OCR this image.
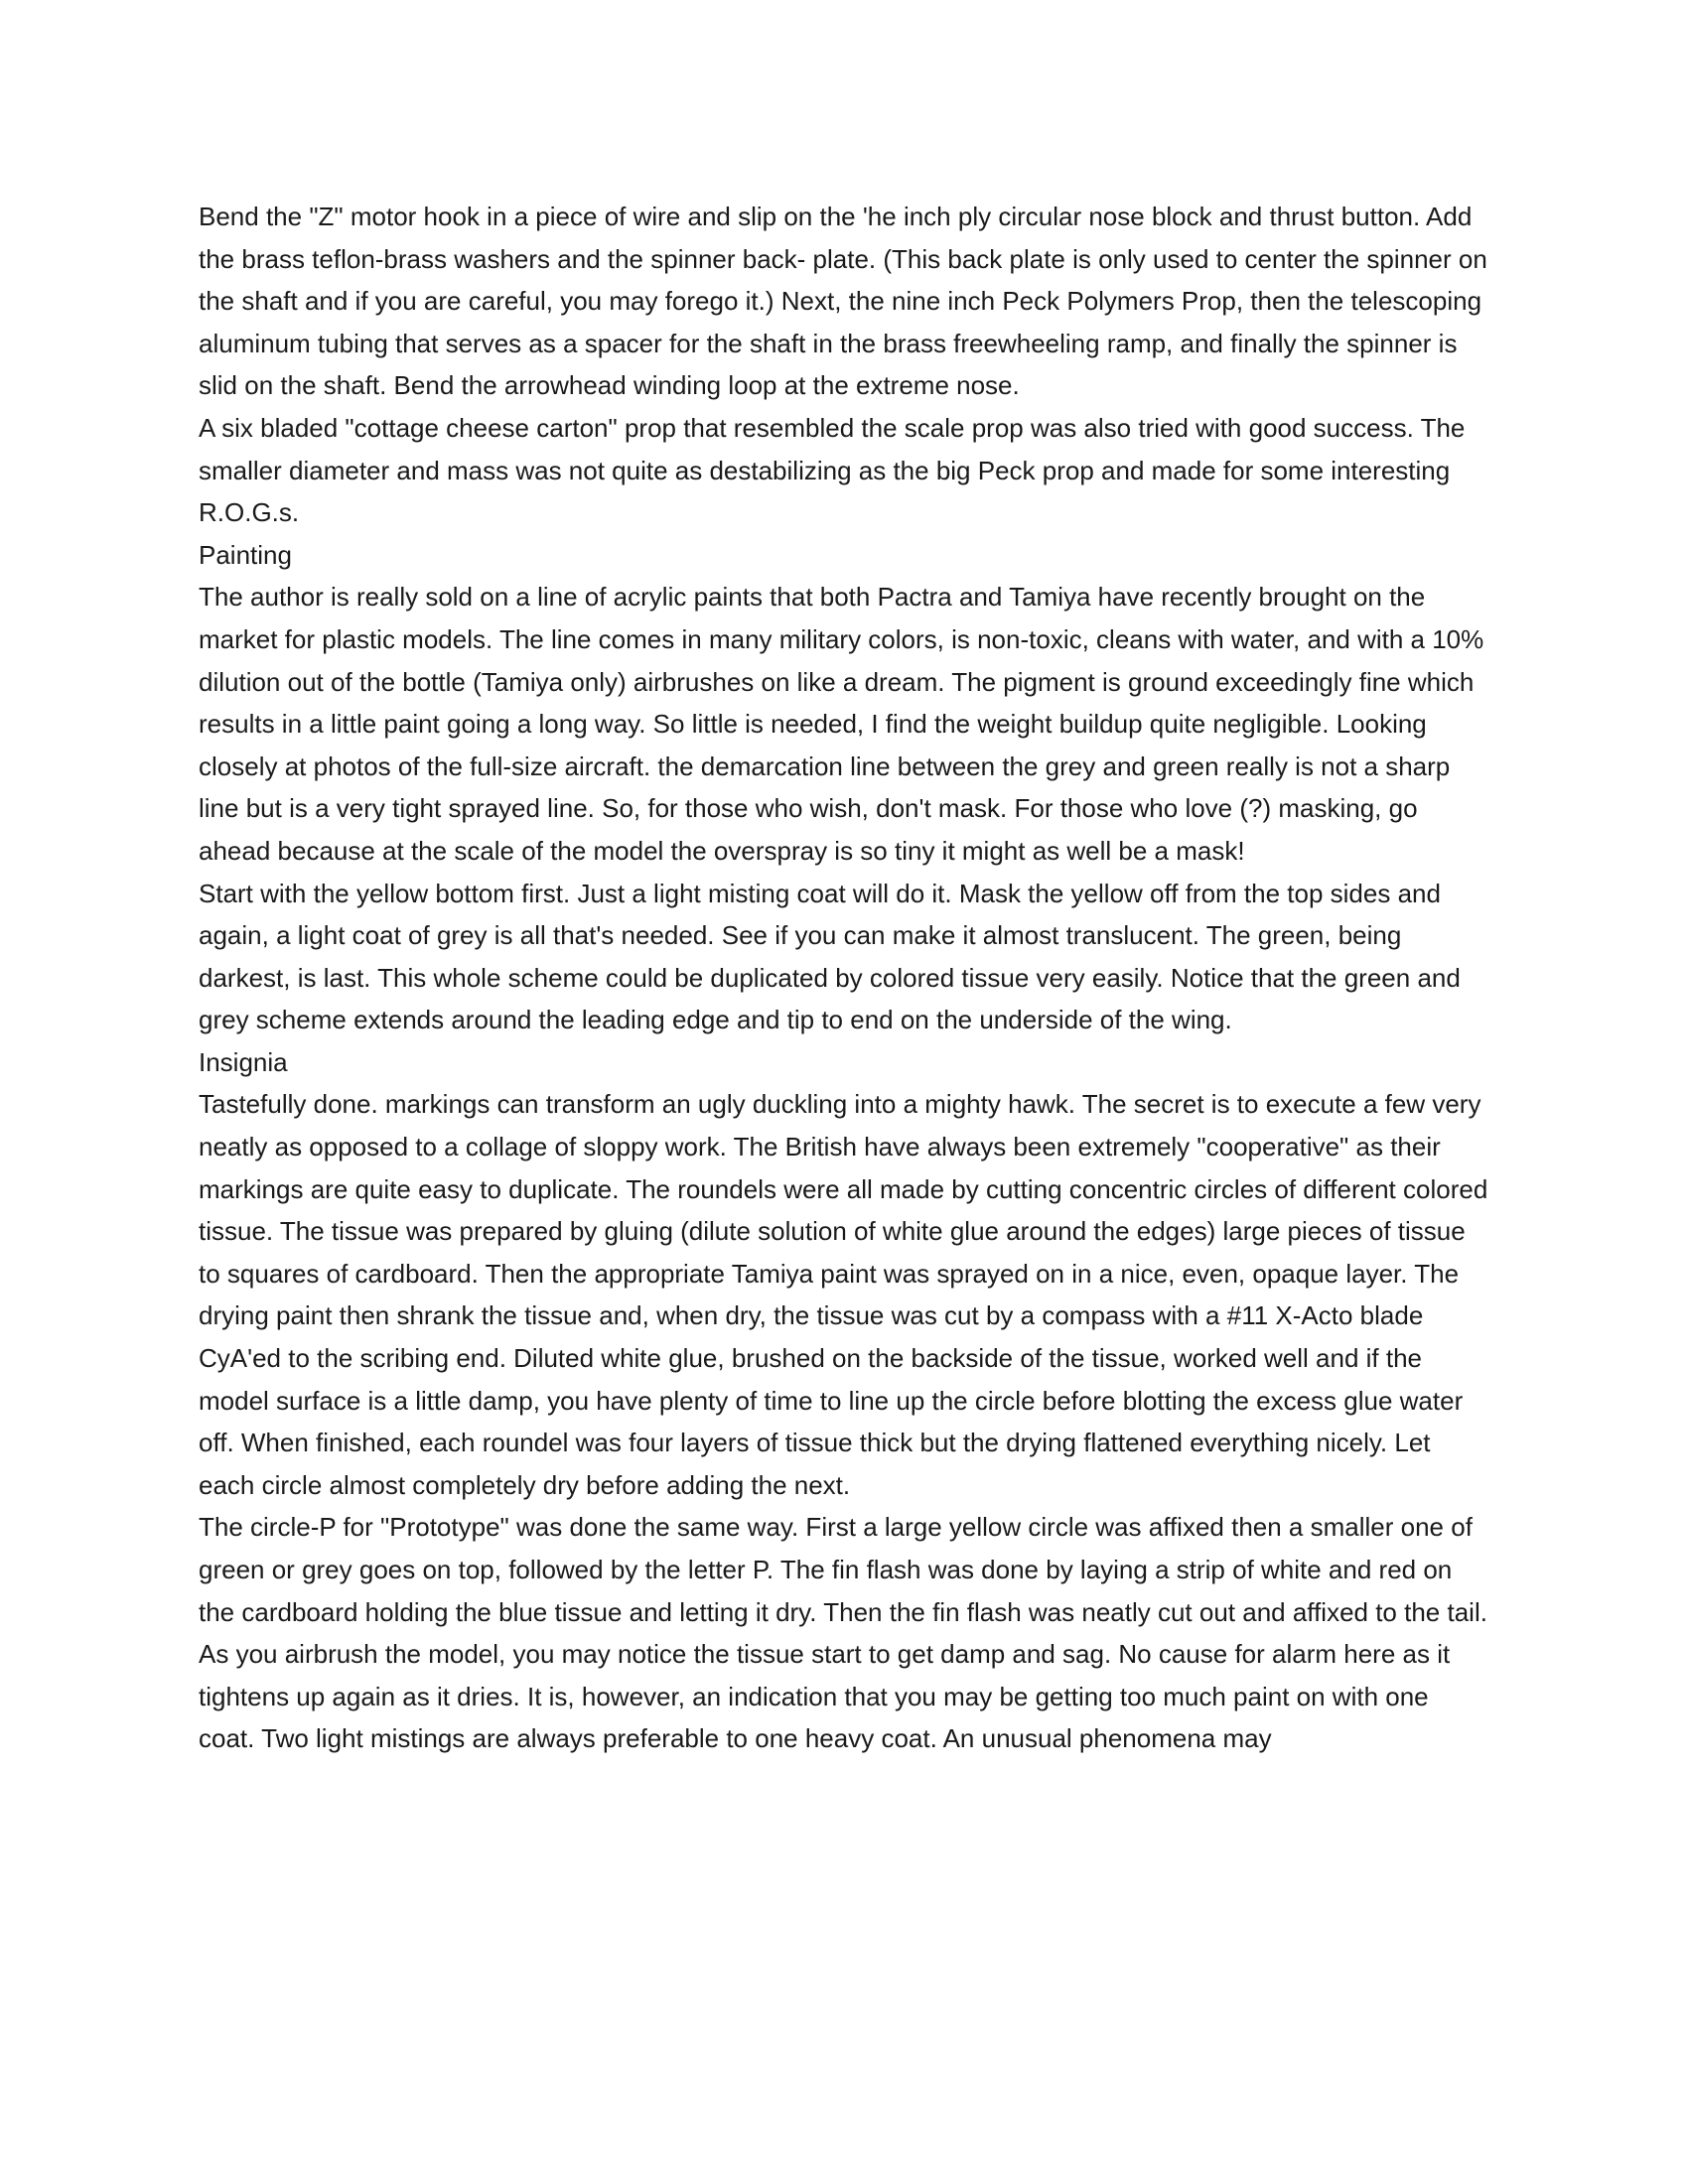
Bend the "Z" motor hook in a piece of wire and slip on the 'he inch ply circular nose block and thrust button. Add the brass teflon-brass washers and the spinner back- plate. (This back plate is only used to center the spinner on the shaft and if you are careful, you may forego it.) Next, the nine inch Peck Polymers Prop, then the telescoping aluminum tubing that serves as a spacer for the shaft in the brass freewheeling ramp, and finally the spinner is slid on the shaft. Bend the arrowhead winding loop at the extreme nose.

A six bladed "cottage cheese carton" prop that resembled the scale prop was also tried with good success. The smaller diameter and mass was not quite as destabilizing as the big Peck prop and made for some interesting R.O.G.s.

Painting

The author is really sold on a line of acrylic paints that both Pactra and Tamiya have recently brought on the market for plastic models. The line comes in many military colors, is non-toxic, cleans with water, and with a 10% dilution out of the bottle (Tamiya only) airbrushes on like a dream. The pigment is ground exceedingly fine which results in a little paint going a long way. So little is needed, I find the weight buildup quite negligible. Looking closely at photos of the full-size aircraft. the demarcation line between the grey and green really is not a sharp line but is a very tight sprayed line. So, for those who wish, don't mask. For those who love (?) masking, go ahead because at the scale of the model the overspray is so tiny it might as well be a mask!

Start with the yellow bottom first. Just a light misting coat will do it. Mask the yellow off from the top sides and again, a light coat of grey is all that's needed. See if you can make it almost translucent. The green, being darkest, is last. This whole scheme could be duplicated by colored tissue very easily. Notice that the green and grey scheme extends around the leading edge and tip to end on the underside of the wing.

Insignia

Tastefully done. markings can transform an ugly duckling into a mighty hawk. The secret is to execute a few very neatly as opposed to a collage of sloppy work. The British have always been extremely "cooperative" as their markings are quite easy to duplicate. The roundels were all made by cutting concentric circles of different colored tissue. The tissue was prepared by gluing (dilute solution of white glue around the edges) large pieces of tissue to squares of cardboard. Then the appropriate Tamiya paint was sprayed on in a nice, even, opaque layer. The drying paint then shrank the tissue and, when dry, the tissue was cut by a compass with a #11 X-Acto blade CyA'ed to the scribing end. Diluted white glue, brushed on the backside of the tissue, worked well and if the model surface is a little damp, you have plenty of time to line up the circle before blotting the excess glue water off. When finished, each roundel was four layers of tissue thick but the drying flattened everything nicely. Let each circle almost completely dry before adding the next.

The circle-P for "Prototype" was done the same way. First a large yellow circle was affixed then a smaller one of green or grey goes on top, followed by the letter P. The fin flash was done by laying a strip of white and red on the cardboard holding the blue tissue and letting it dry. Then the fin flash was neatly cut out and affixed to the tail.

As you airbrush the model, you may notice the tissue start to get damp and sag. No cause for alarm here as it tightens up again as it dries. It is, however, an indication that you may be getting too much paint on with one coat. Two light mistings are always preferable to one heavy coat. An unusual phenomena may
